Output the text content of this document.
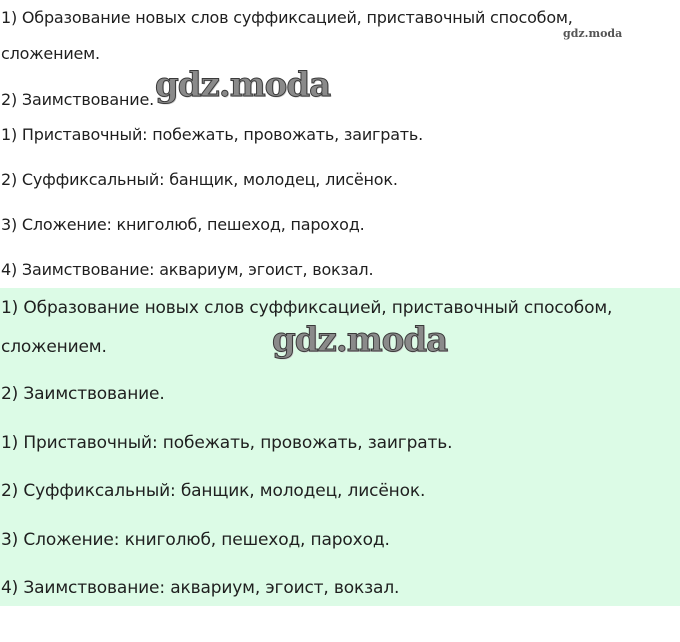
1) Образование новых слов суффиксацией, приставочный способом,
сложением.
2) Заимствование.
1) Приставочный: побежать, провожать, заиграть.
2) Суффиксальный: банщик, молодец, лисёнок.
3) Сложение: книголюб, пешеход, пароход.
4) Заимствование: аквариум, эгоист, вокзал.
1) Образование новых слов суффиксацией, приставочный способом,
сложением.
2) Заимствование.
1) Приставочный: побежать, провожать, заиграть.
2) Суффиксальный: банщик, молодец, лисёнок.
3) Сложение: книголюб, пешеход, пароход.
4) Заимствование: аквариум, эгоист, вокзал.
gdz.moda
gdz.moda
gdz.moda
